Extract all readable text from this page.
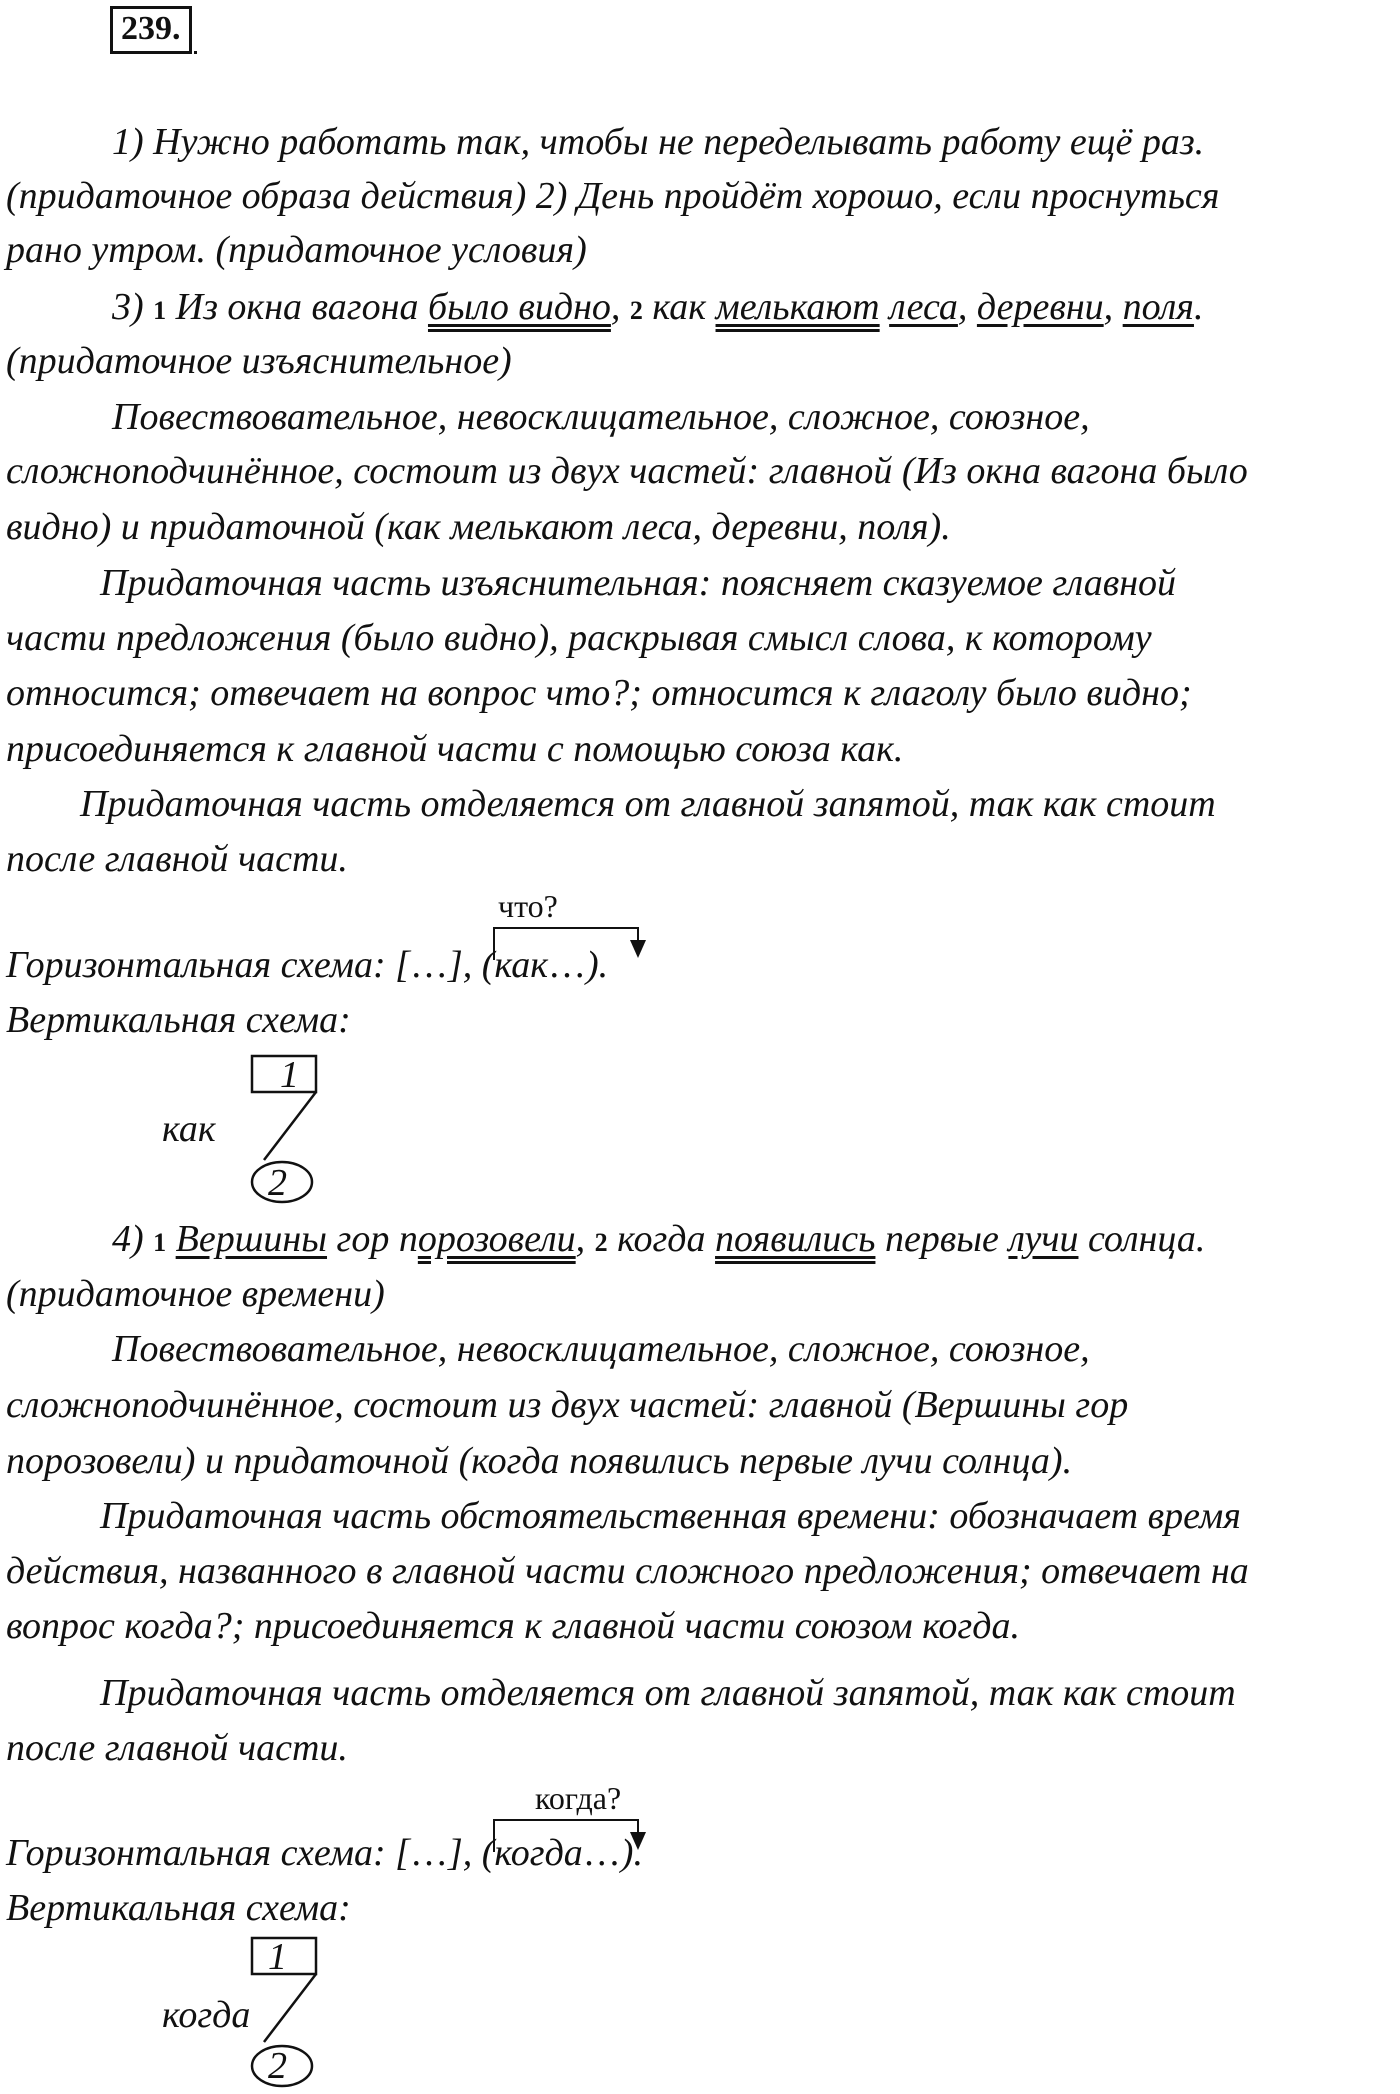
239.
1) Нужно работать так, чтобы не переделывать работу ещё раз.
(придаточное образа действия) 2) День пройдёт хорошо, если проснуться
рано утром. (придаточное условия)
3) 1 Из окна вагона было видно, 2 как мелькают леса, деревни, поля.
(придаточное изъяснительное)
Повествовательное, невосклицательное, сложное, союзное,
сложноподчинённое, состоит из двух частей: главной (Из окна вагона было
видно) и придаточной (как мелькают леса, деревни, поля).
Придаточная часть изъяснительная: поясняет сказуемое главной
части предложения (было видно), раскрывая смысл слова, к которому
относится; отвечает на вопрос что?; относится к глаголу было видно;
присоединяется к главной части с помощью союза как.
Придаточная часть отделяется от главной запятой, так как стоит
после главной части.
что?
Горизонтальная схема: […], (как…).
Вертикальная схема:
1
2
как
4) 1 Вершины гор порозовели, 2 когда появились первые лучи солнца.
(придаточное времени)
Повествовательное, невосклицательное, сложное, союзное,
сложноподчинённое, состоит из двух частей: главной (Вершины гор
порозовели) и придаточной (когда появились первые лучи солнца).
Придаточная часть обстоятельственная времени: обозначает время
действия, названного в главной части сложного предложения; отвечает на
вопрос когда?; присоединяется к главной части союзом когда.
Придаточная часть отделяется от главной запятой, так как стоит
после главной части.
когда?
Горизонтальная схема: […], (когда…).
Вертикальная схема:
1
2
когда
